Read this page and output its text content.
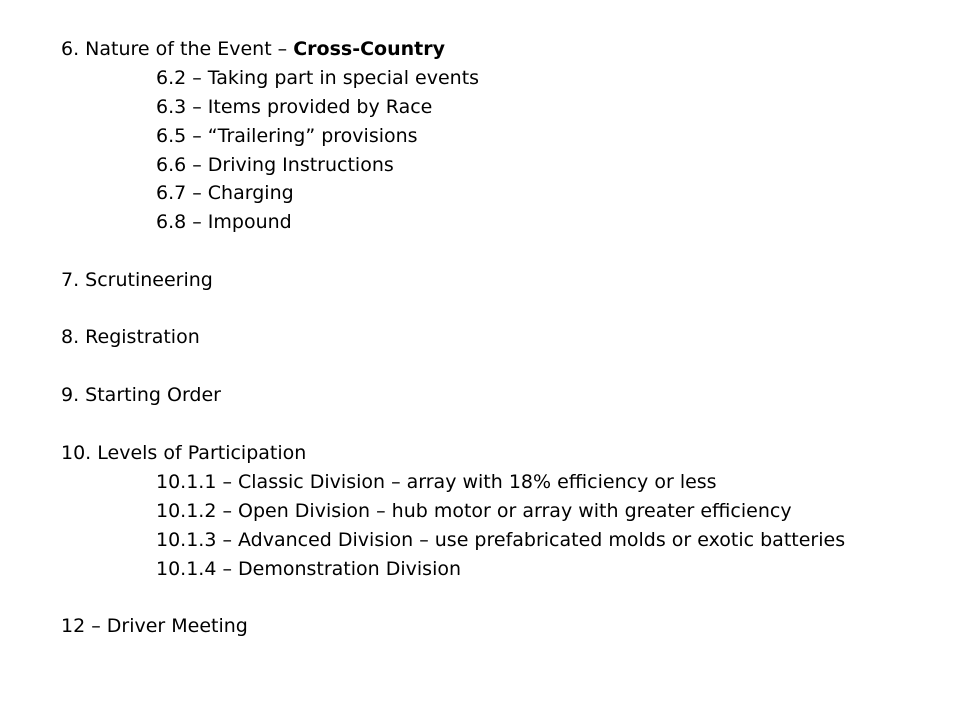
6. Nature of the Event – Cross-Country
6.2 – Taking part in special events
6.3 – Items provided by Race
6.5 – “Trailering” provisions
6.6 – Driving Instructions
6.7 – Charging
6.8 – Impound
7. Scrutineering
8. Registration
9. Starting Order
10. Levels of Participation
10.1.1 – Classic Division – array with 18% efficiency or less
10.1.2 – Open Division – hub motor or array with greater efficiency
10.1.3 – Advanced Division – use prefabricated molds or exotic batteries
10.1.4 – Demonstration Division
12 – Driver Meeting
